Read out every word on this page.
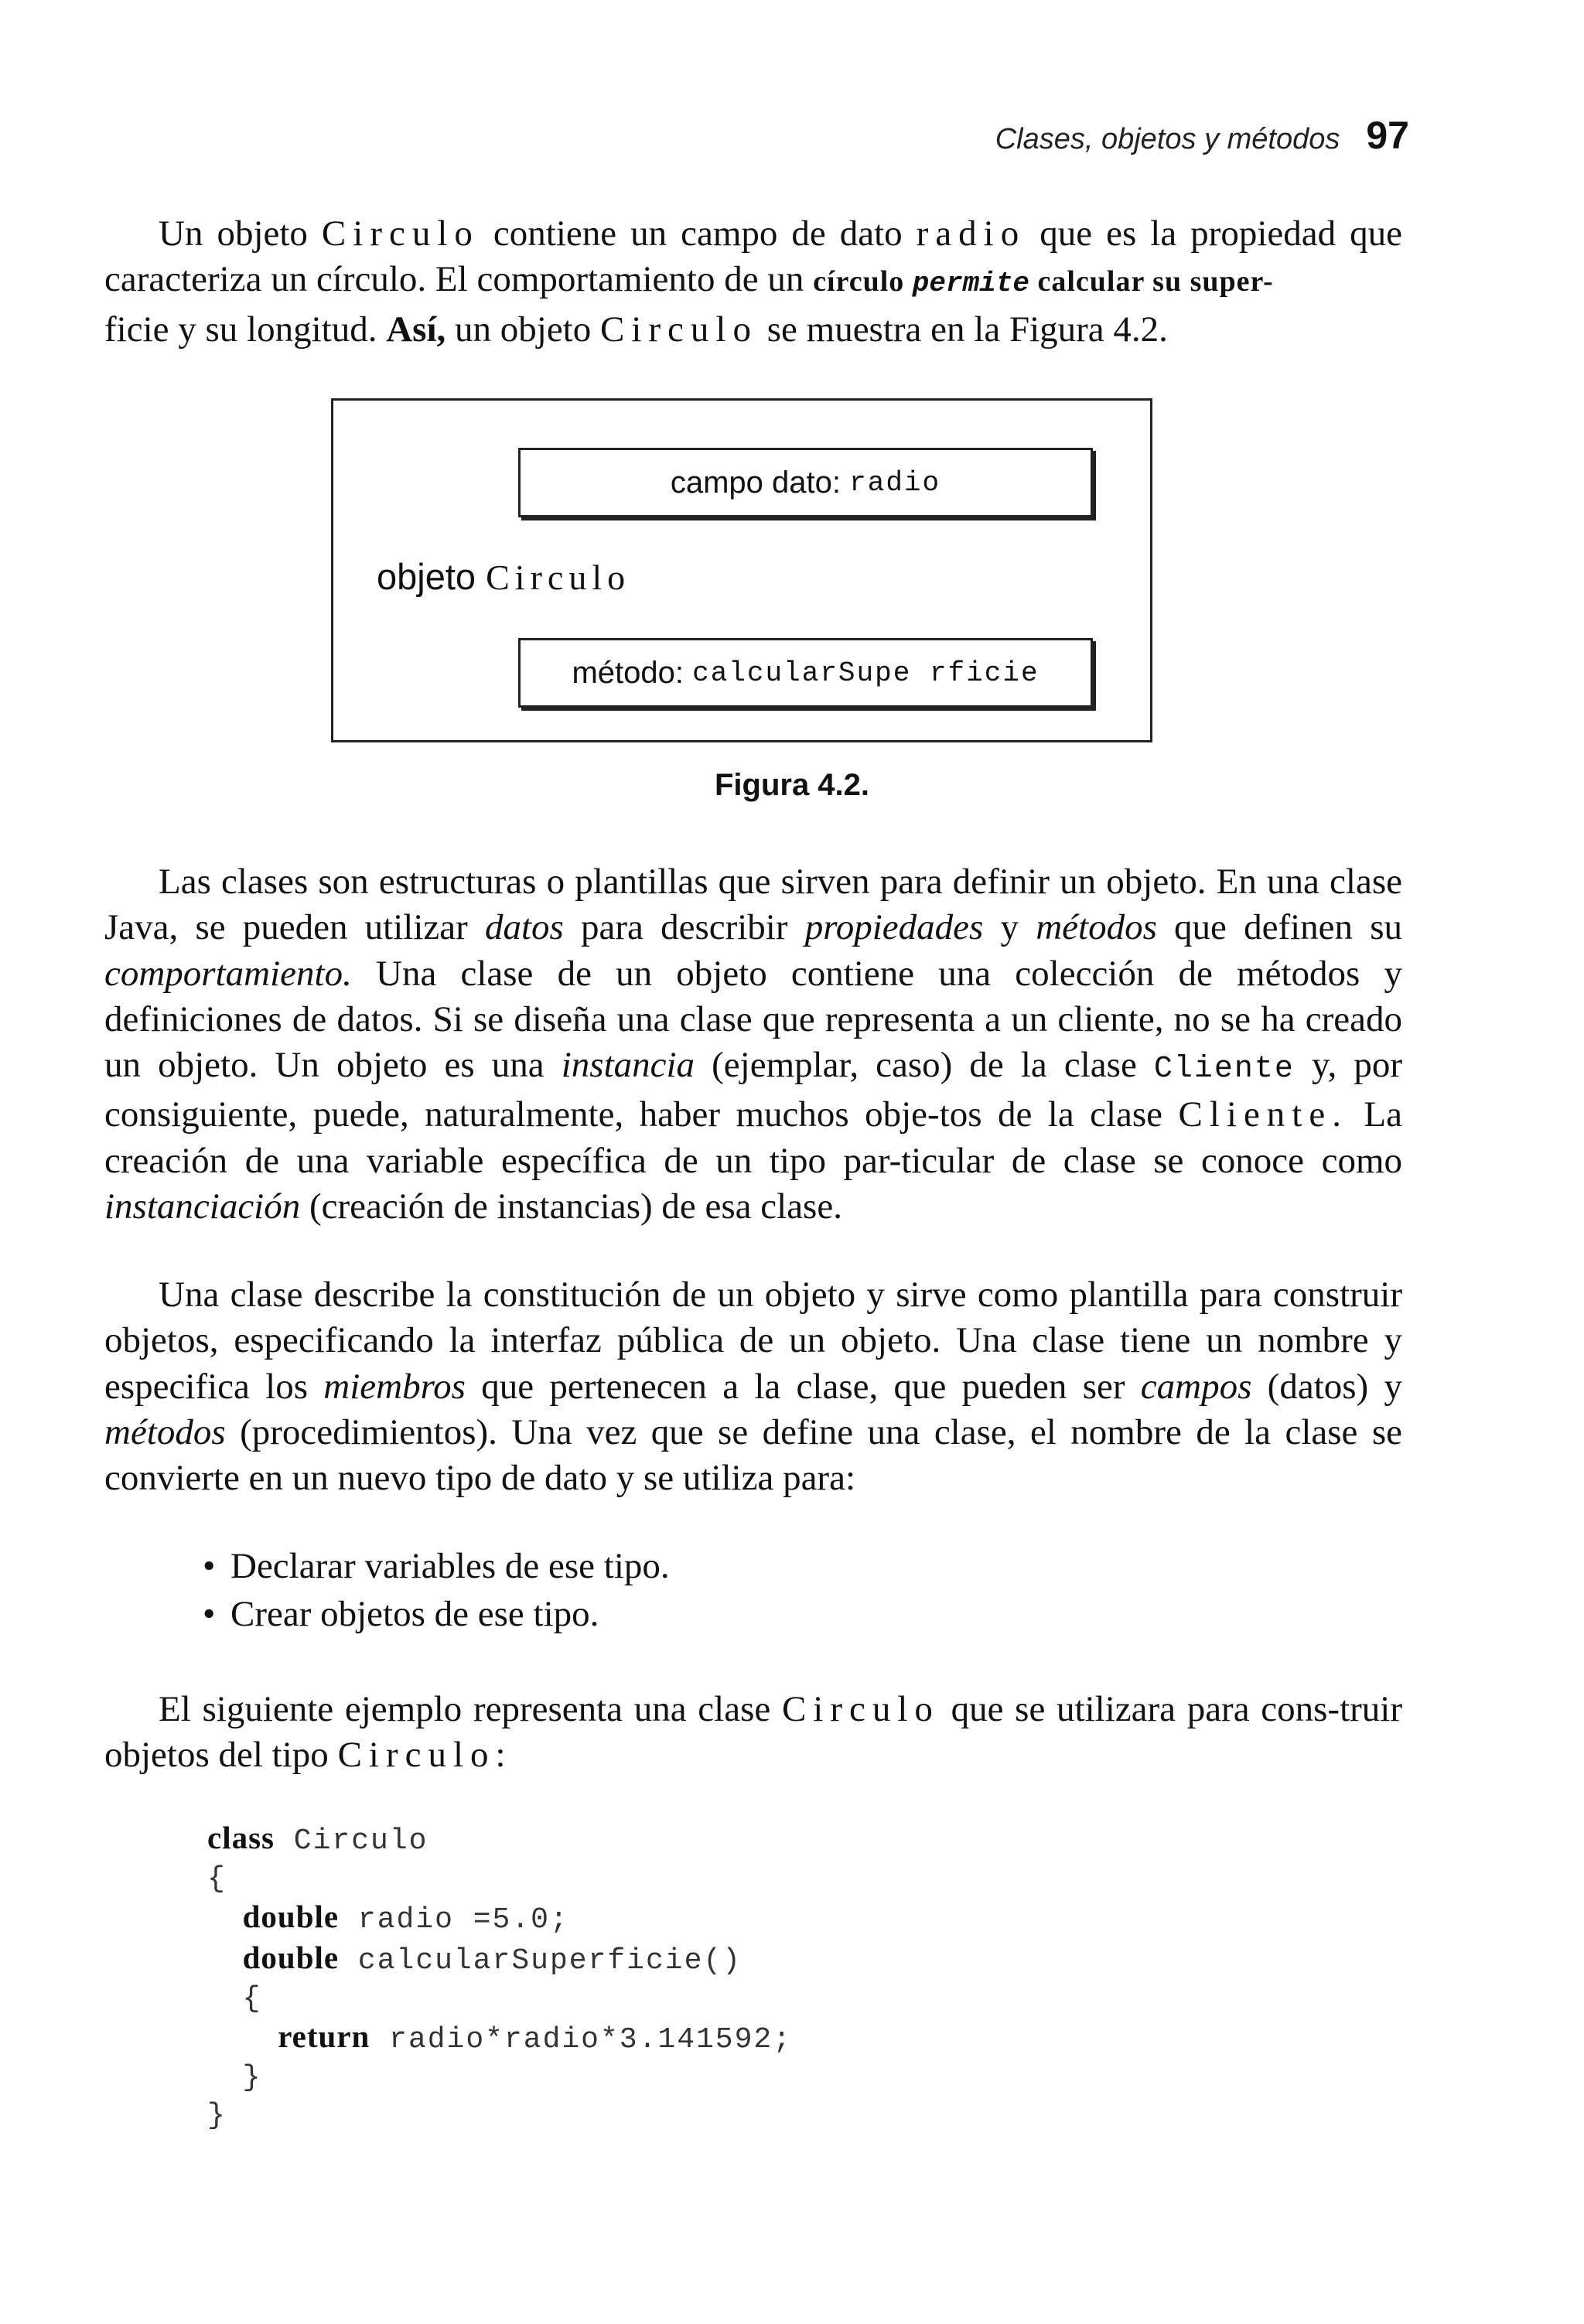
Clases, objetos y métodos 97

Un objeto Circulo contiene un campo de dato radio que es la propiedad que caracteriza un círculo. El comportamiento de un círculo permite calcular su super-
ficie y su longitud. Así, un objeto Circulo se muestra en la Figura 4.2.

campo dato:
radio
objeto Circulo
método:
calcularSupe rficie
Figura 4.2.

Las clases son estructuras o plantillas que sirven para definir un objeto. En una clase Java, se pueden utilizar datos para describir propiedades y métodos que definen su comportamiento. Una clase de un objeto contiene una colección de métodos y definiciones de datos. Si se diseña una clase que representa a un cliente, no se ha creado un objeto. Un objeto es una instancia (ejemplar, caso) de la clase Cliente y, por consiguiente, puede, naturalmente, haber muchos obje-tos de la clase Cliente. La creación de una variable específica de un tipo par-ticular de clase se conoce como instanciación (creación de instancias) de esa clase.

Una clase describe la constitución de un objeto y sirve como plantilla para construir objetos, especificando la interfaz pública de un objeto. Una clase tiene un nombre y especifica los miembros que pertenecen a la clase, que pueden ser campos (datos) y métodos (procedimientos). Una vez que se define una clase, el nombre de la clase se convierte en un nuevo tipo de dato y se utiliza para:

• Declarar variables de ese tipo.
• Crear objetos de ese tipo.

El siguiente ejemplo representa una clase Circulo que se utilizara para cons-truir objetos del tipo Circulo:

class Circulo
{
double radio =5.0;
double calcularSuperficie()
{
return radio*radio*3.141592;
}
}
